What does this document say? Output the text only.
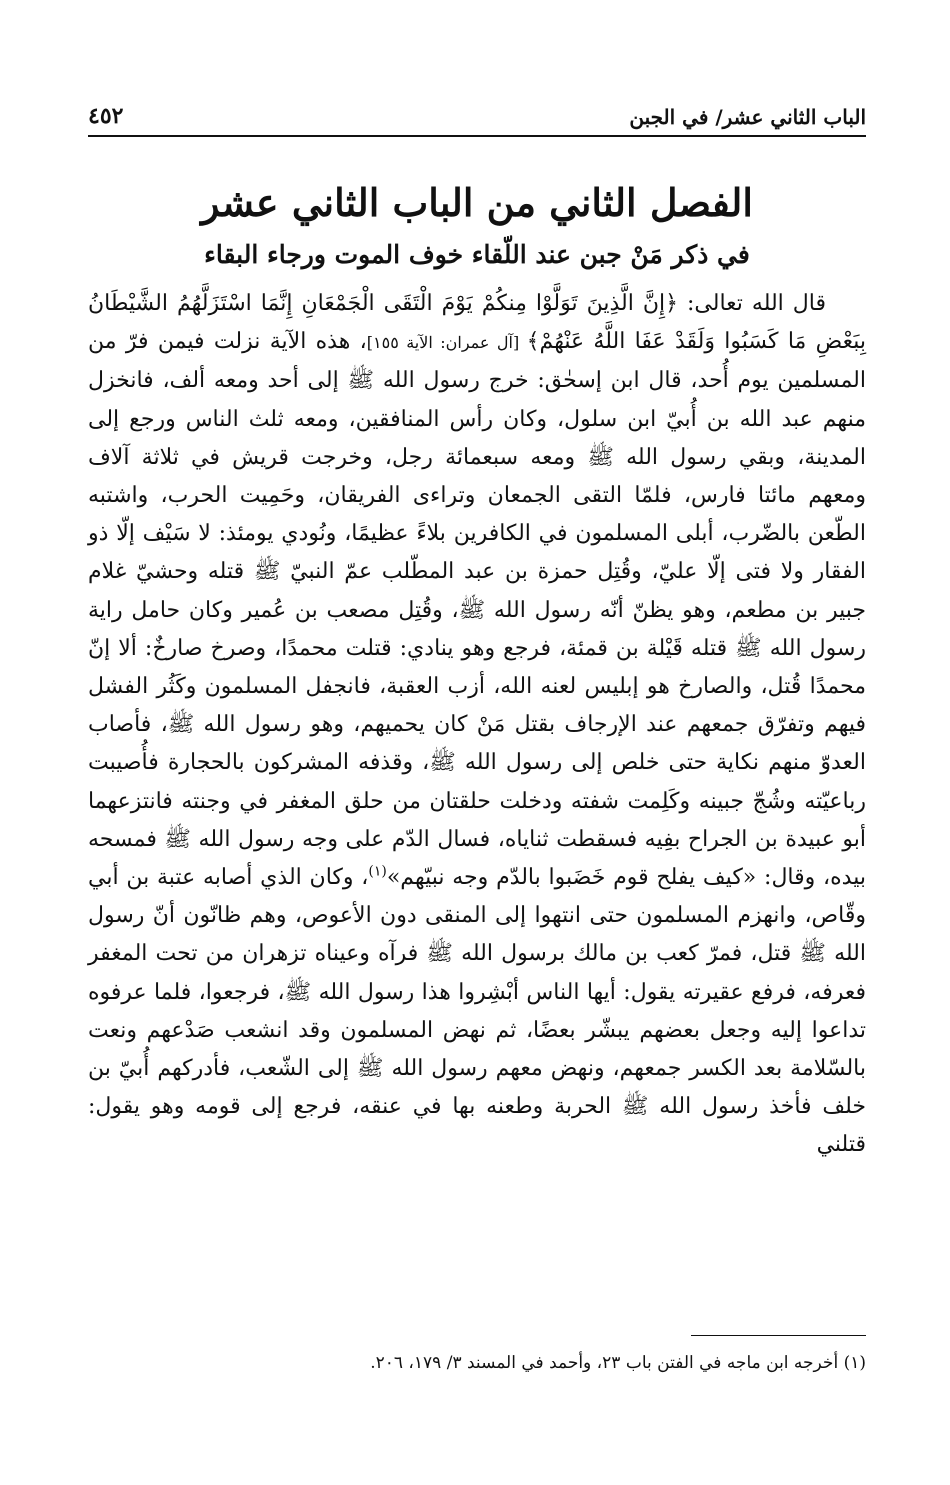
الباب الثاني عشر/ في الجبن
٤٥٢
الفصل الثاني من الباب الثاني عشر
في ذكر مَنْ جبن عند اللّقاء خوف الموت ورجاء البقاء

قال الله تعالى: ﴿إِنَّ الَّذِينَ تَوَلَّوْا مِنكُمْ يَوْمَ الْتَقَى الْجَمْعَانِ إِنَّمَا اسْتَزَلَّهُمُ الشَّيْطَانُ بِبَعْضِ مَا كَسَبُوا وَلَقَدْ عَفَا اللَّهُ عَنْهُمْ﴾ [آل عمران: الآية ١٥٥]، هذه الآية نزلت فيمن فرّ من المسلمين يوم أُحد، قال ابن إسحٰق: خرج رسول الله ﷺ إلى أحد ومعه ألف، فانخزل منهم عبد الله بن أُبيّ ابن سلول، وكان رأس المنافقين، ومعه ثلث الناس ورجع إلى المدينة، وبقي رسول الله ﷺ ومعه سبعمائة رجل، وخرجت قريش في ثلاثة آلاف ومعهم مائتا فارس، فلمّا التقى الجمعان وتراءى الفريقان، وحَمِيت الحرب، واشتبه الطّعن بالضّرب، أبلى المسلمون في الكافرين بلاءً عظيمًا، ونُودي يومئذ: لا سَيْف إلّا ذو الفقار ولا فتى إلّا عليّ، وقُتِل حمزة بن عبد المطّلب عمّ النبيّ ﷺ قتله وحشيّ غلام جبير بن مطعم، وهو يظنّ أنّه رسول الله ﷺ، وقُتِل مصعب بن عُمير وكان حامل راية رسول الله ﷺ قتله قَيْلة بن قمئة، فرجع وهو ينادي: قتلت محمدًا، وصرخ صارخٌ: ألا إنّ محمدًا قُتل، والصارخ هو إبليس لعنه الله، أزب العقبة، فانجفل المسلمون وكَثُر الفشل فيهم وتفرّق جمعهم عند الإرجاف بقتل مَنْ كان يحميهم، وهو رسول الله ﷺ، فأصاب العدوّ منهم نكاية حتى خلص إلى رسول الله ﷺ، وقذفه المشركون بالحجارة فأُصيبت رباعيّته وشُجّ جبينه وكَلِمت شفته ودخلت حلقتان من حلق المغفر في وجنته فانتزعهما أبو عبيدة بن الجراح بفِيه فسقطت ثناياه، فسال الدّم على وجه رسول الله ﷺ فمسحه بيده، وقال: «كيف يفلح قوم خَضَبوا بالدّم وجه نبيّهم»$^{(١)}$، وكان الذي أصابه عتبة بن أبي وقّاص، وانهزم المسلمون حتى انتهوا إلى المنقى دون الأعوص، وهم ظانّون أنّ رسول الله ﷺ قتل، فمرّ كعب بن مالك برسول الله ﷺ فرآه وعيناه تزهران من تحت المغفر فعرفه، فرفع عقيرته يقول: أيها الناس أبْشِروا هذا رسول الله ﷺ، فرجعوا، فلما عرفوه تداعوا إليه وجعل بعضهم يبشّر بعضًا، ثم نهض المسلمون وقد انشعب صَدْعهم ونعت بالسّلامة بعد الكسر جمعهم، ونهض معهم رسول الله ﷺ إلى الشّعب، فأدركهم أُبيّ بن خلف فأخذ رسول الله ﷺ الحربة وطعنه بها في عنقه، فرجع إلى قومه وهو يقول: قتلني

(١) أخرجه ابن ماجه في الفتن باب ٢٣، وأحمد في المسند ٣/ ١٧٩، ٢٠٦.
